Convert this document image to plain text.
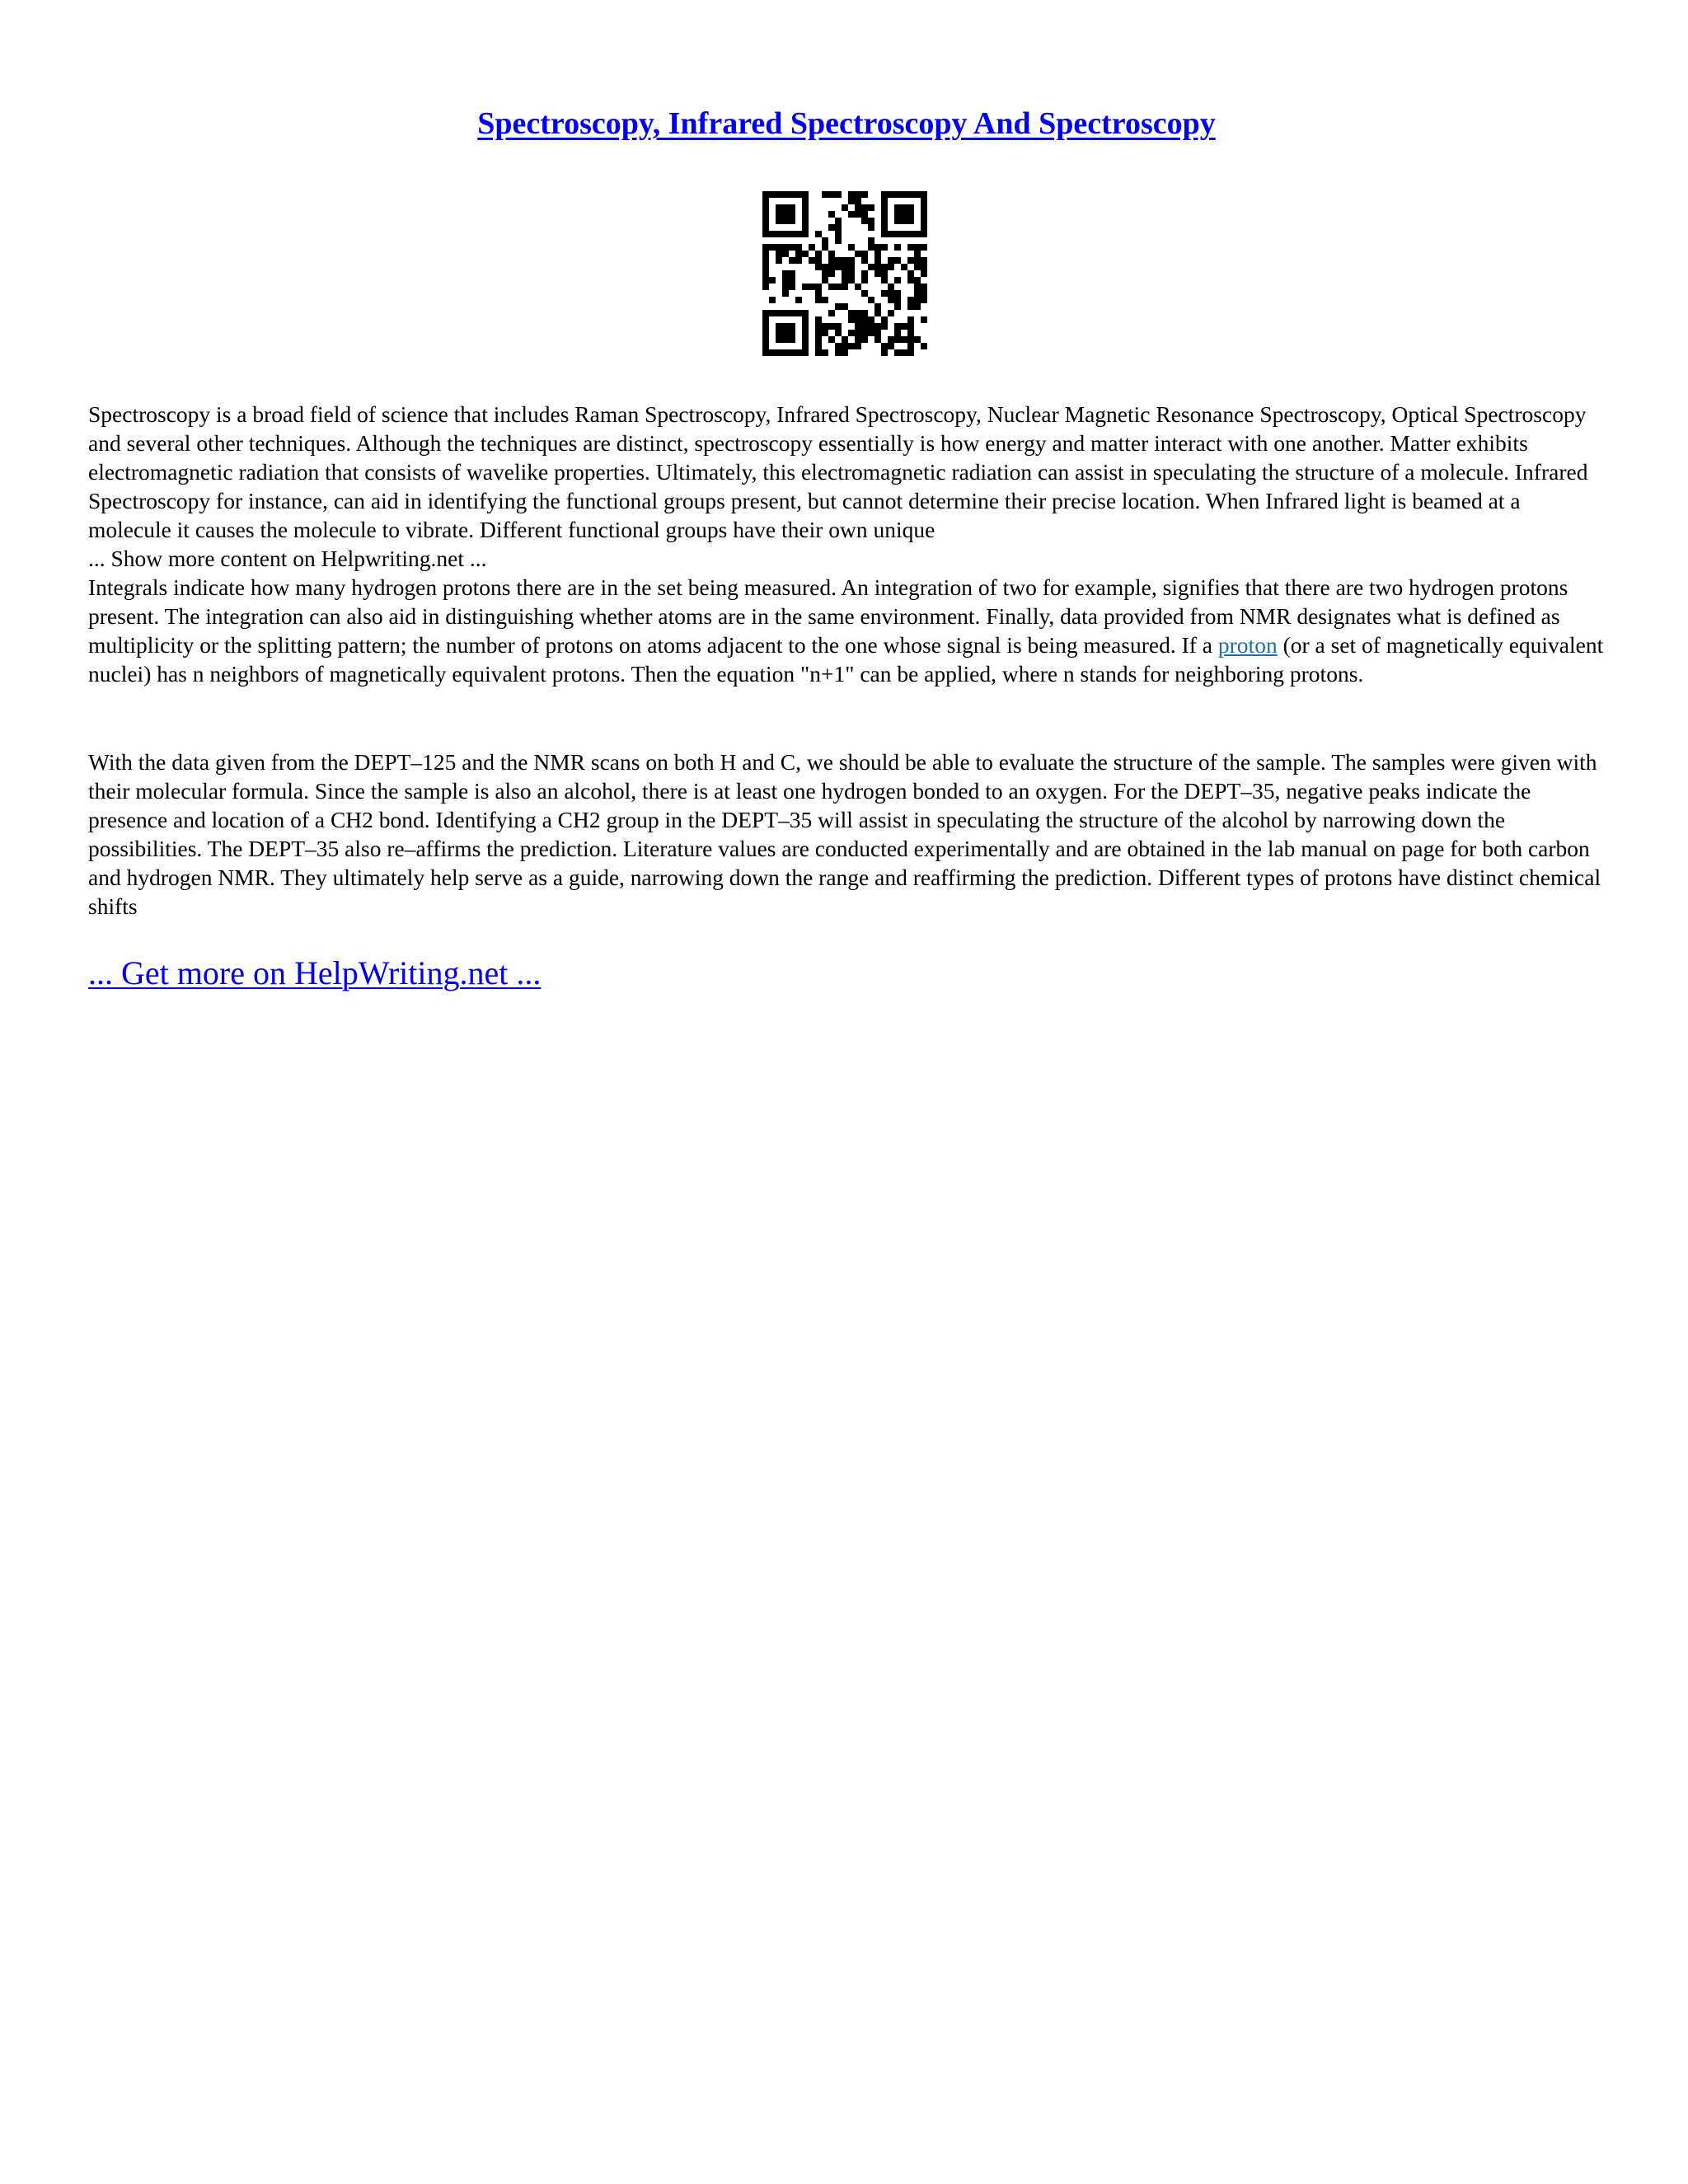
Spectroscopy, Infrared Spectroscopy And Spectroscopy

Spectroscopy is a broad field of science that includes Raman Spectroscopy, Infrared Spectroscopy, Nuclear Magnetic Resonance Spectroscopy, Optical Spectroscopy and several other techniques. Although the techniques are distinct, spectroscopy essentially is how energy and matter interact with one another. Matter exhibits electromagnetic radiation that consists of wavelike properties. Ultimately, this electromagnetic radiation can assist in speculating the structure of a molecule. Infrared Spectroscopy for instance, can aid in identifying the functional groups present, but cannot determine their precise location. When Infrared light is beamed at a molecule it causes the molecule to vibrate. Different functional groups have their own unique

... Show more content on Helpwriting.net ...

Integrals indicate how many hydrogen protons there are in the set being measured. An integration of two for example, signifies that there are two hydrogen protons present. The integration can also aid in distinguishing whether atoms are in the same environment. Finally, data provided from NMR designates what is defined as multiplicity or the splitting pattern; the number of protons on atoms adjacent to the one whose signal is being measured. If a proton (or a set of magnetically equivalent nuclei) has n neighbors of magnetically equivalent protons. Then the equation "n+1" can be applied, where n stands for neighboring protons.

With the data given from the DEPT–125 and the NMR scans on both H and C, we should be able to evaluate the structure of the sample. The samples were given with their molecular formula. Since the sample is also an alcohol, there is at least one hydrogen bonded to an oxygen. For the DEPT–35, negative peaks indicate the presence and location of a CH2 bond. Identifying a CH2 group in the DEPT–35 will assist in speculating the structure of the alcohol by narrowing down the possibilities. The DEPT–35 also re–affirms the prediction. Literature values are conducted experimentally and are obtained in the lab manual on page for both carbon and hydrogen NMR. They ultimately help serve as a guide, narrowing down the range and reaffirming the prediction. Different types of protons have distinct chemical shifts

... Get more on HelpWriting.net ...
